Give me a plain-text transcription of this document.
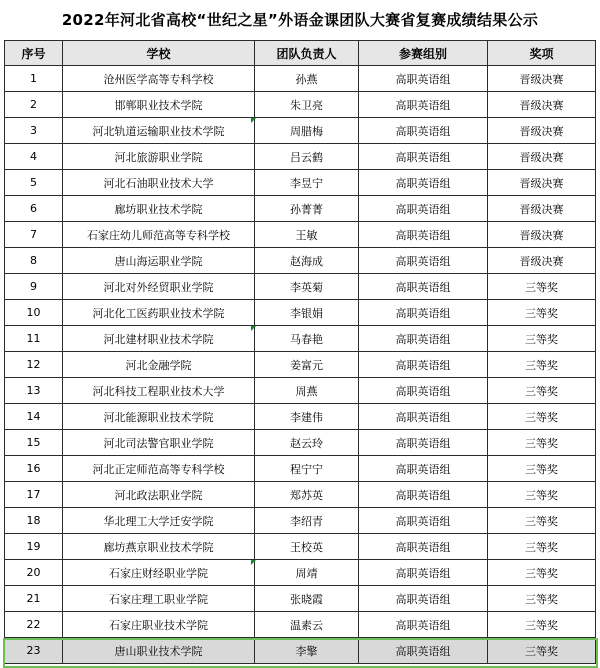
2022年河北省高校“世纪之星”外语金课团队大赛省复赛成绩结果公示
序号	学校	团队负责人	参赛组别	奖项
1	沧州医学高等专科学校	孙燕	高职英语组	晋级决赛
2	邯郸职业技术学院	朱卫亮	高职英语组	晋级决赛
3	河北轨道运输职业技术学院	周腊梅	高职英语组	晋级决赛
4	河北旅游职业学院	吕云鹤	高职英语组	晋级决赛
5	河北石油职业技术大学	李昱宁	高职英语组	晋级决赛
6	廊坊职业技术学院	孙菁菁	高职英语组	晋级决赛
7	石家庄幼儿师范高等专科学校	王敏	高职英语组	晋级决赛
8	唐山海运职业学院	赵海成	高职英语组	晋级决赛
9	河北对外经贸职业学院	李英菊	高职英语组	三等奖
10	河北化工医药职业技术学院	李银娟	高职英语组	三等奖
11	河北建材职业技术学院	马春艳	高职英语组	三等奖
12	河北金融学院	姜富元	高职英语组	三等奖
13	河北科技工程职业技术大学	周燕	高职英语组	三等奖
14	河北能源职业技术学院	李建伟	高职英语组	三等奖
15	河北司法警官职业学院	赵云玲	高职英语组	三等奖
16	河北正定师范高等专科学校	程宁宁	高职英语组	三等奖
17	河北政法职业学院	郑苏英	高职英语组	三等奖
18	华北理工大学迁安学院	李绍青	高职英语组	三等奖
19	廊坊燕京职业技术学院	王校英	高职英语组	三等奖
20	石家庄财经职业学院	周靖	高职英语组	三等奖
21	石家庄理工职业学院	张晓霞	高职英语组	三等奖
22	石家庄职业技术学院	温素云	高职英语组	三等奖
23	唐山职业技术学院	李擎	高职英语组	三等奖
